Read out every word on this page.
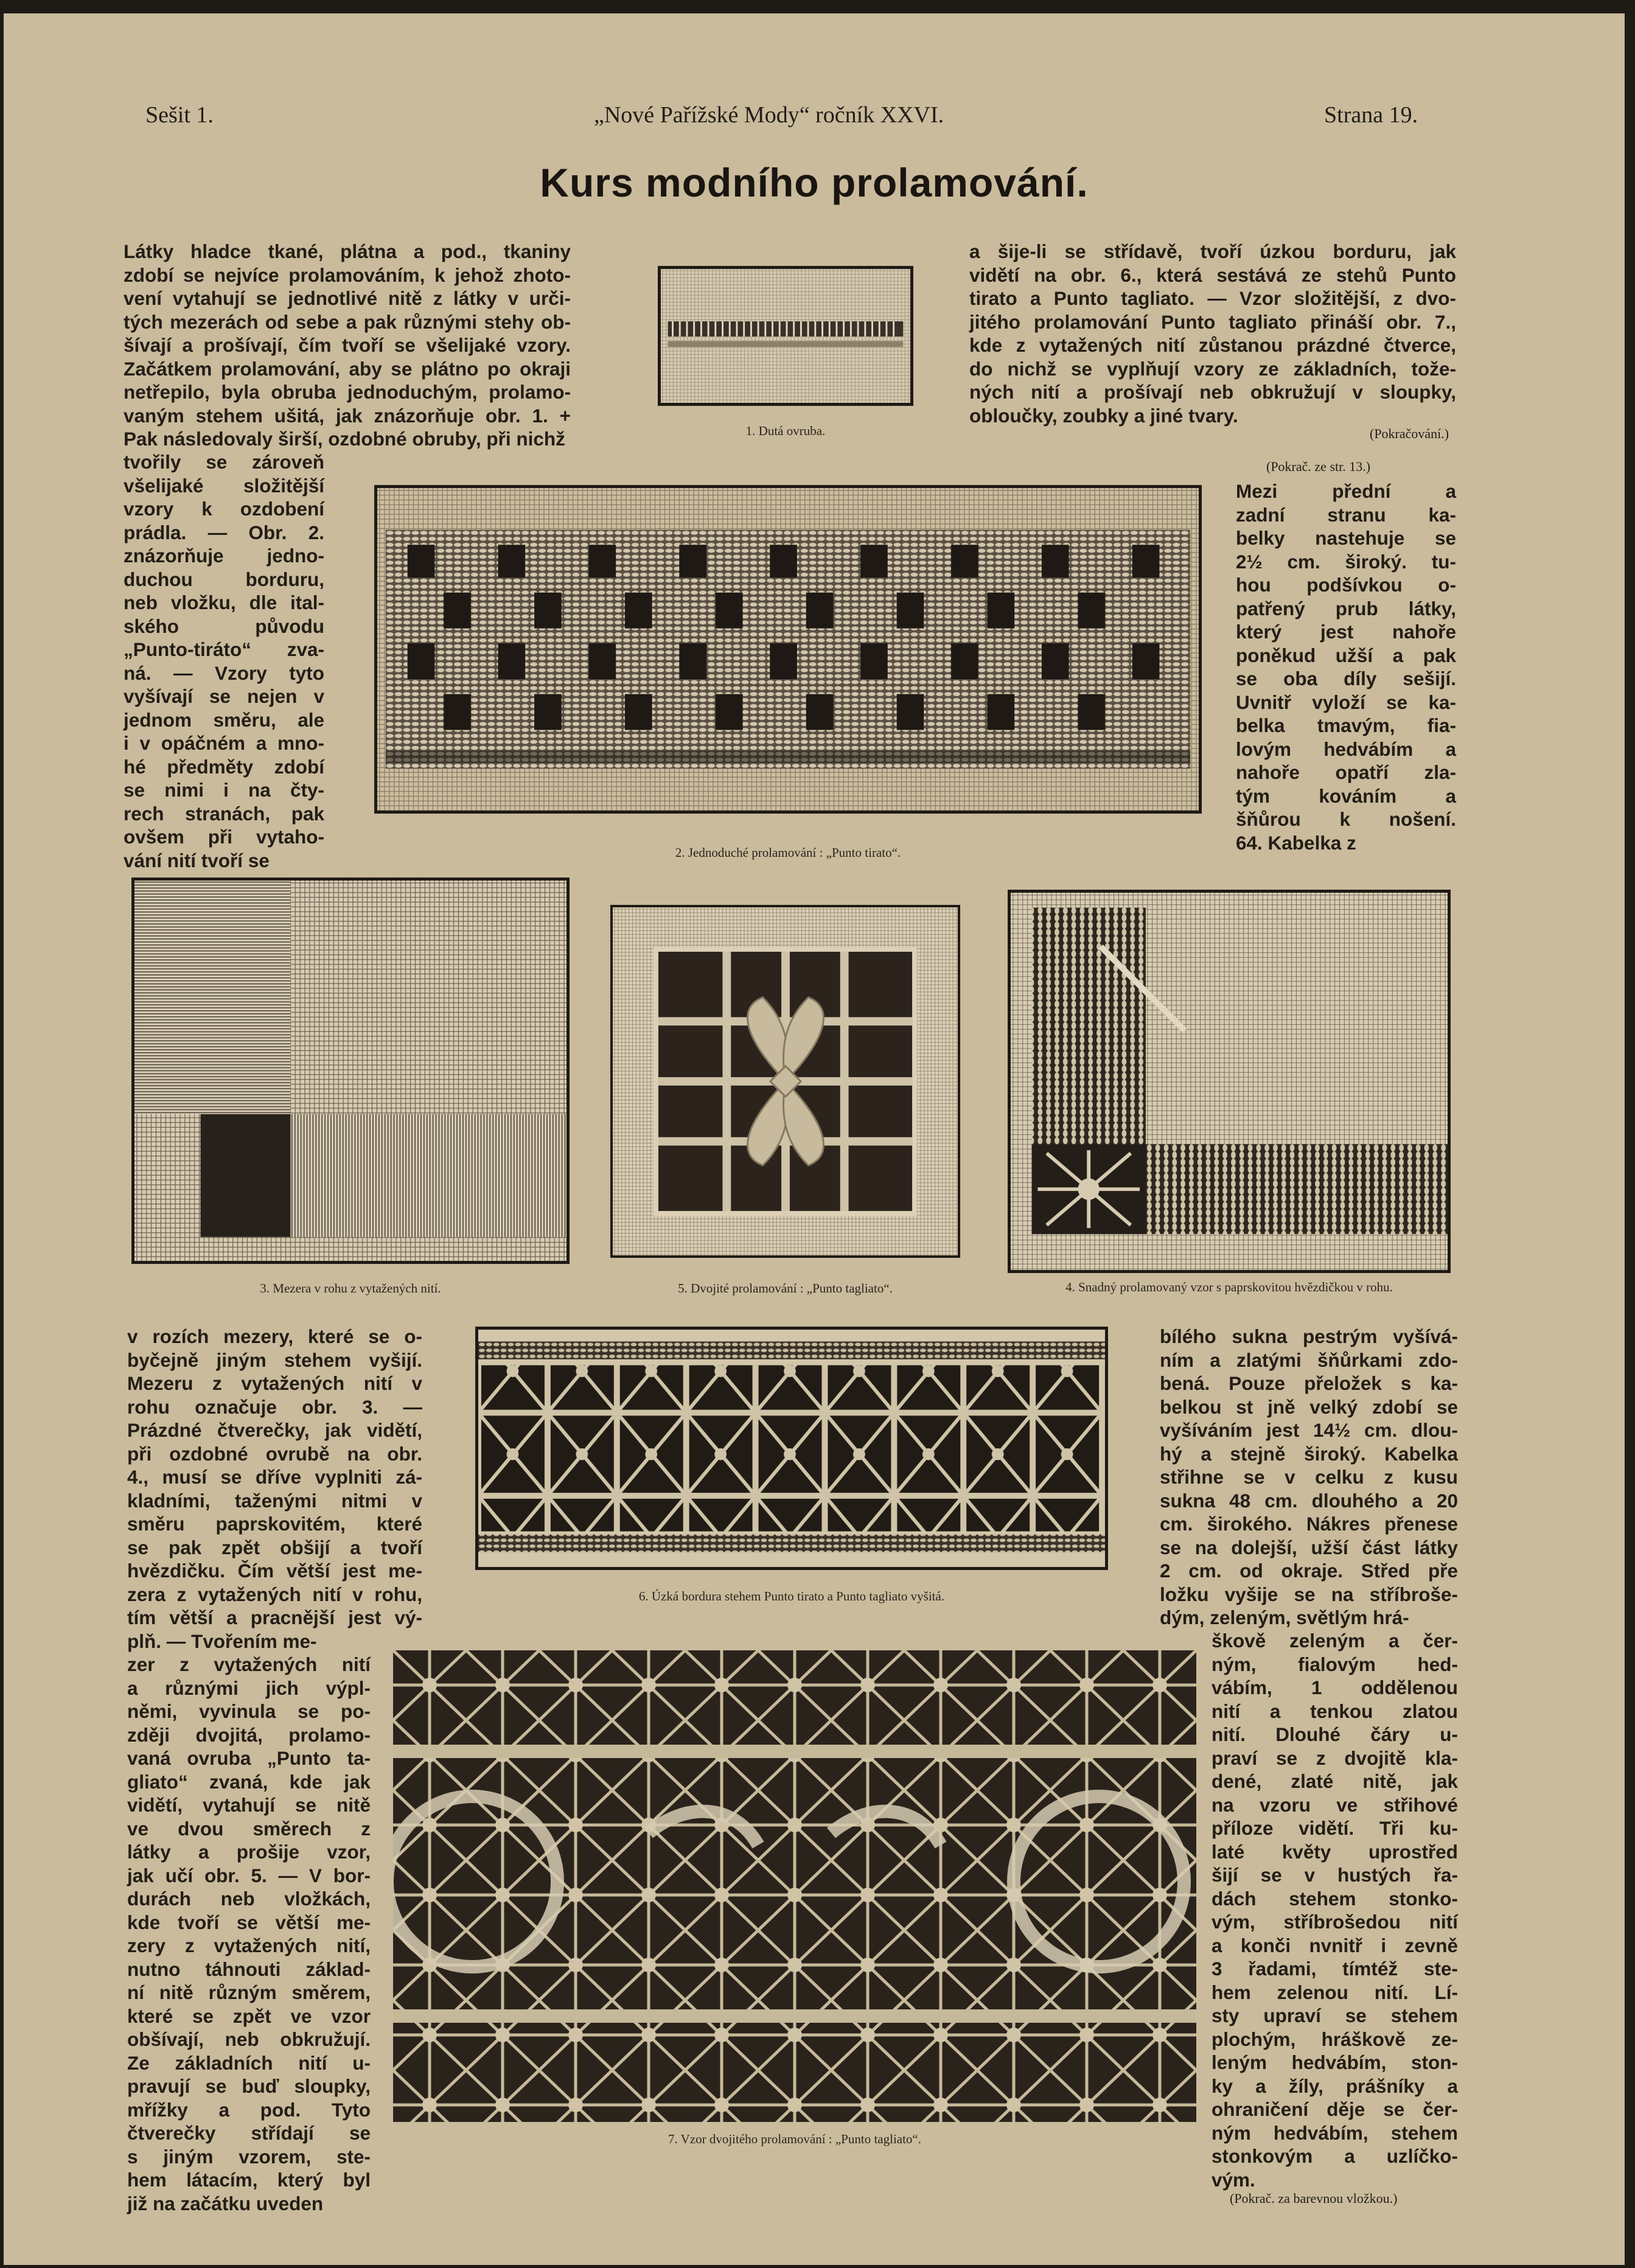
Sešit 1.	„Nové Pařížské Mody“ ročník XXVI.	Strana 19.
Kurs modního prolamování.
Látky hladce tkané, plátna a pod., tkaniny
zdobí se nejvíce prolamováním, k jehož zhoto-
vení vytahují se jednotlivé nitě z látky v urči-
tých mezerách od sebe a pak různými stehy ob-
šívají a prošívají, čím tvoří se všelijaké vzory.
Začátkem prolamování, aby se plátno po okraji
netřepilo, byla obruba jednoduchým, prolamo-
vaným stehem ušitá, jak znázorňuje obr. 1. +
Pak následovaly širší, ozdobné obruby, při nichž
tvořily se zároveň
všelijaké složitější
vzory k ozdobení
prádla. — Obr. 2.
znázorňuje jedno-
duchou borduru,
neb vložku, dle ital-
ského původu
„Punto-tiráto“ zva-
ná. — Vzory tyto
vyšívají se nejen v
jednom směru, ale
i v opáčném a mno-
hé předměty zdobí
se nimi i na čty-
rech stranách, pak
ovšem při vytaho-
vání nití tvoří se
1. Dutá ovruba.
a šije-li se střídavě, tvoří úzkou borduru, jak
vidětí na obr. 6., která sestává ze stehů Punto
tirato a Punto tagliato. — Vzor složitější, z dvo-
jitého prolamování Punto tagliato přináší obr. 7.,
kde z vytažených nití zůstanou prázdné čtverce,
do nichž se vyplňují vzory ze základních, tože-
ných nití a prošívají neb obkružují v sloupky,
obloučky, zoubky a jiné tvary.
(Pokračování.)
(Pokrač. ze str. 13.)
Mezi přední a
zadní stranu ka-
belky nastehuje se
2½ cm. široký. tu-
hou podšívkou o-
patřený prub látky,
který jest nahoře
poněkud užší a pak
se oba díly sešijí.
Uvnitř vyloží se ka-
belka tmavým, fia-
lovým hedvábím a
nahoře opatří zla-
tým kováním a
šňůrou k nošení.
64. Kabelka z
2. Jednoduché prolamování : „Punto tirato“.
3. Mezera v rohu z vytažených nití.	5. Dvojité prolamování : „Punto tagliato“.	4. Snadný prolamovaný vzor s paprskovitou hvězdičkou v rohu.
v rozích mezery, které se o-
byčejně jiným stehem vyšijí.
Mezeru z vytažených nití v
rohu označuje obr. 3. —
Prázdné čtverečky, jak vidětí,
při ozdobné ovrubě na obr.
4., musí se dříve vyplniti zá-
kladními, taženými nitmi v
směru paprskovitém, které
se pak zpět obšijí a tvoří
hvězdičku. Čím větší jest me-
zera z vytažených nití v rohu,
tím větší a pracnější jest vý-
plň. — Tvořením me-
zer z vytažených nití
a různými jich výpl-
němi, vyvinula se po-
zději dvojitá, prolamo-
vaná ovruba „Punto ta-
gliato“ zvaná, kde jak
vidětí, vytahují se nitě
ve dvou směrech z
látky a prošije vzor,
jak učí obr. 5. — V bor-
durách neb vložkách,
kde tvoří se větší me-
zery z vytažených nití,
nutno táhnouti základ-
ní nitě různým směrem,
které se zpět ve vzor
obšívají, neb obkružují.
Ze základních nití u-
pravují se buď sloupky,
mřížky a pod. Tyto
čtverečky střídají se
s jiným vzorem, ste-
hem látacím, který byl
již na začátku uveden
6. Úzká bordura stehem Punto tirato a Punto tagliato vyšitá.
bílého sukna pestrým vyšívá-
ním a zlatými šňůrkami zdo-
bená. Pouze přeložek s ka-
belkou st jně velký zdobí se
vyšíváním jest 14½ cm. dlou-
hý a stejně široký. Kabelka
střihne se v celku z kusu
sukna 48 cm. dlouhého a 20
cm. širokého. Nákres přenese
se na dolejší, užší část látky
2 cm. od okraje. Střed pře
ložku vyšije se na stříbroše-
dým, zeleným, světlým hrá-
škově zeleným a čer-
ným, fialovým hed-
vábím, 1 oddělenou
nití a tenkou zlatou
nití. Dlouhé čáry u-
praví se z dvojitě kla-
dené, zlaté nitě, jak
na vzoru ve střihové
příloze vidětí. Tři ku-
laté květy uprostřed
šijí se v hustých řa-
dách stehem stonko-
vým, stříbrošedou nití
a konči nvnitř i zevně
3 řadami, tímtéž ste-
hem zelenou nití. Lí-
sty upraví se stehem
plochým, hráškově ze-
leným hedvábím, ston-
ky a žíly, prášníky a
ohraničení děje se čer-
ným hedvábím, stehem
stonkovým a uzlíčko-
vým.
(Pokrač. za barevnou vložkou.)
7. Vzor dvojitého prolamování : „Punto tagliato“.
